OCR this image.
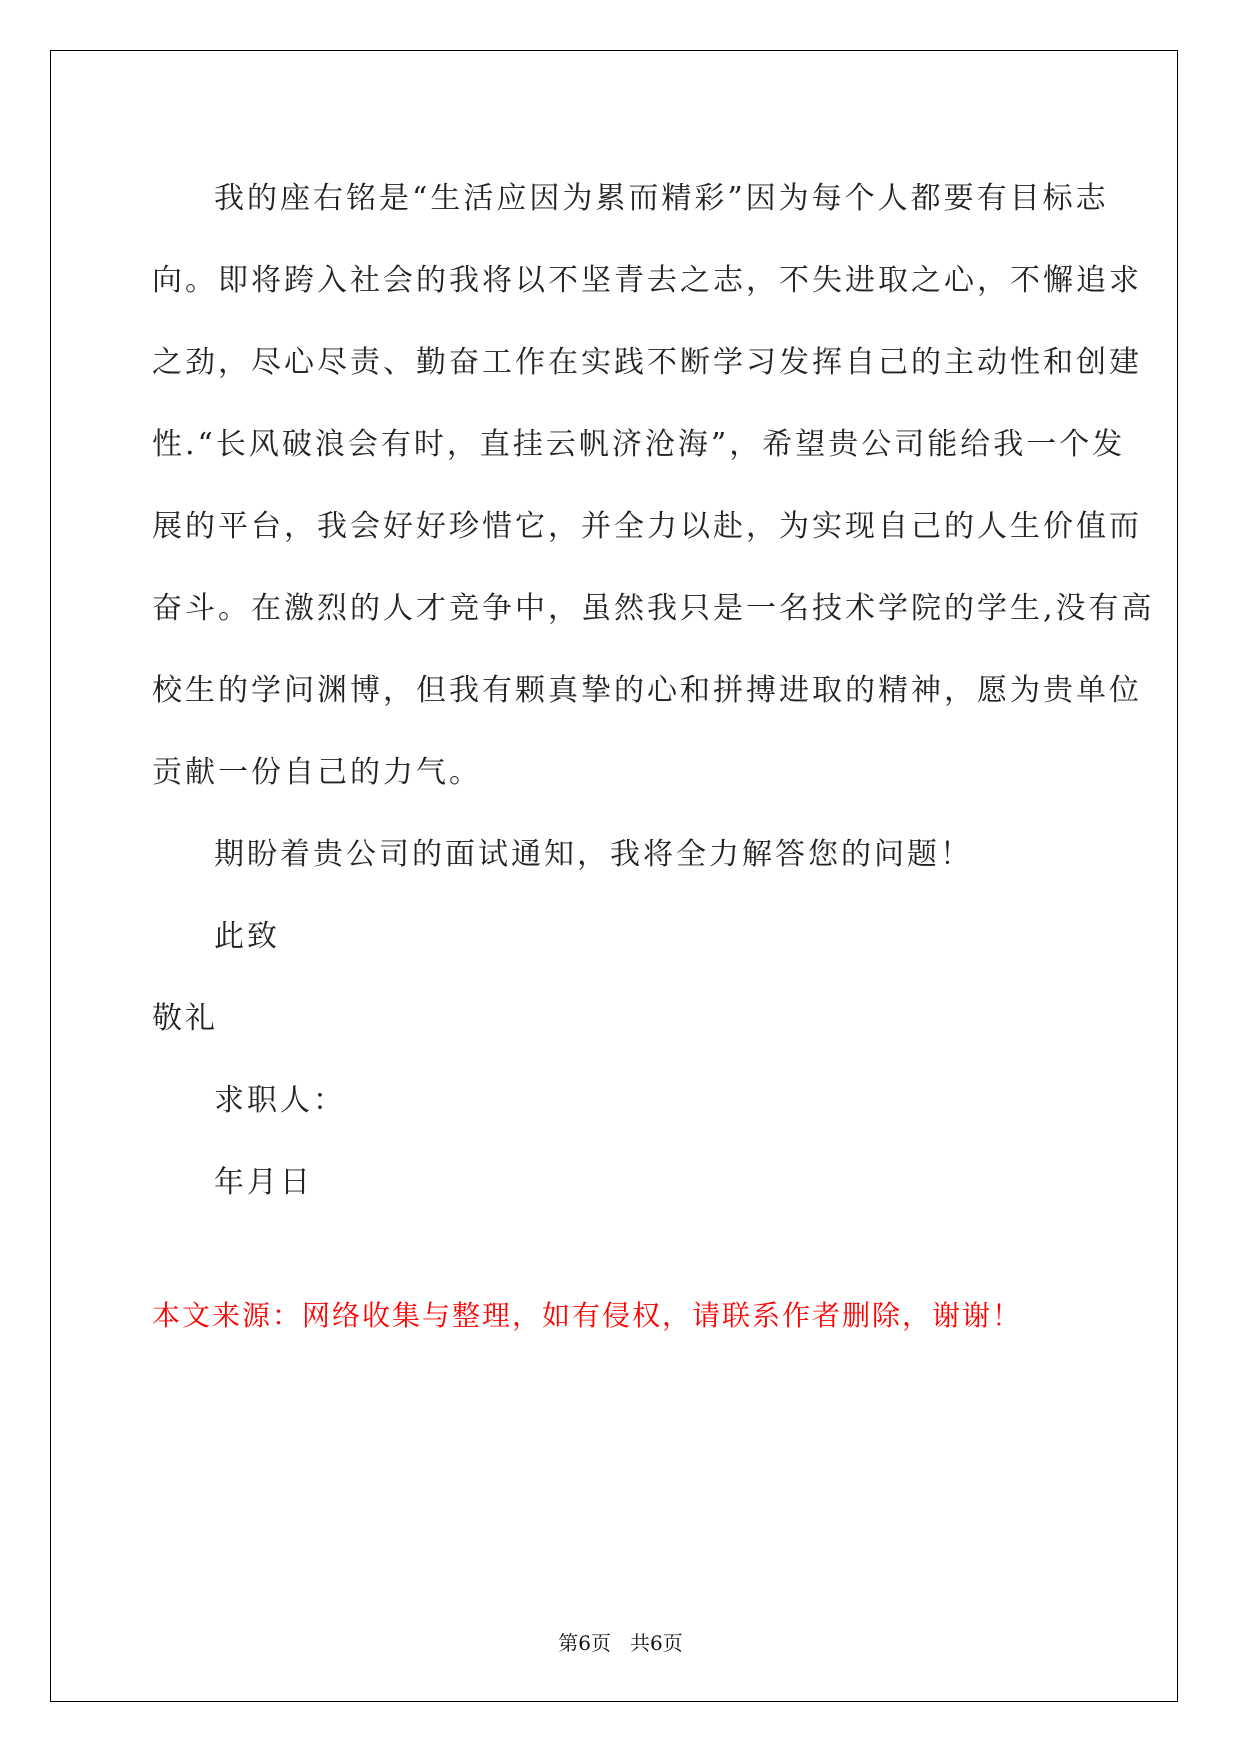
我的座右铭是“生活应因为累而精彩”因为每个人都要有目标志
向。即将跨入社会的我将以不坚青去之志，不失进取之心，不懈追求
之劲，尽心尽责、勤奋工作在实践不断学习发挥自己的主动性和创建
性.“长风破浪会有时，直挂云帆济沧海”，希望贵公司能给我一个发
展的平台，我会好好珍惜它，并全力以赴，为实现自己的人生价值而
奋斗。在激烈的人才竞争中，虽然我只是一名技术学院的学生,没有高
校生的学问渊博，但我有颗真挚的心和拼搏进取的精神，愿为贵单位
贡献一份自己的力气。

期盼着贵公司的面试通知，我将全力解答您的问题！

此致

敬礼

求职人：

年月日

本文来源：网络收集与整理，如有侵权，请联系作者删除，谢谢！
第6页 共6页
